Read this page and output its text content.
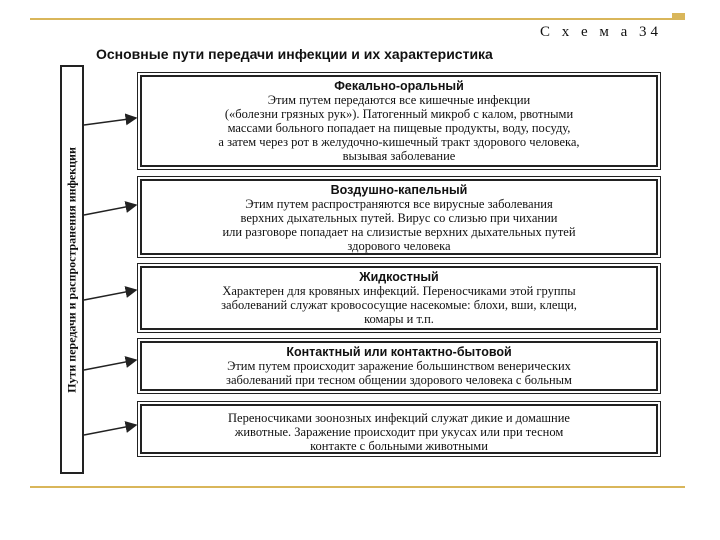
С х е м а 34
Основные пути передачи инфекции и их характеристика
Пути передачи и распространения инфекции
Фекально-оральный
Этим путем передаются все кишечные инфекции
(«болезни грязных рук»). Патогенный микроб с калом, рвотными
массами больного попадает на пищевые продукты, воду, посуду,
а затем через рот в желудочно-кишечный тракт здорового человека,
вызывая заболевание
Воздушно-капельный
Этим путем распространяются все вирусные заболевания
верхних дыхательных путей. Вирус со слизью при чихании
или разговоре попадает на слизистые верхних дыхательных путей
здорового человека
Жидкостный
Характерен для кровяных инфекций. Переносчиками этой группы
заболеваний служат кровососущие насекомые: блохи, вши, клещи,
комары и т.п.
Контактный или контактно-бытовой
Этим путем происходит заражение большинством венерических
заболеваний при тесном общении здорового человека с больным
Переносчиками зоонозных инфекций служат дикие и домашние
животные. Заражение происходит при укусах или при тесном
контакте с больными животными
